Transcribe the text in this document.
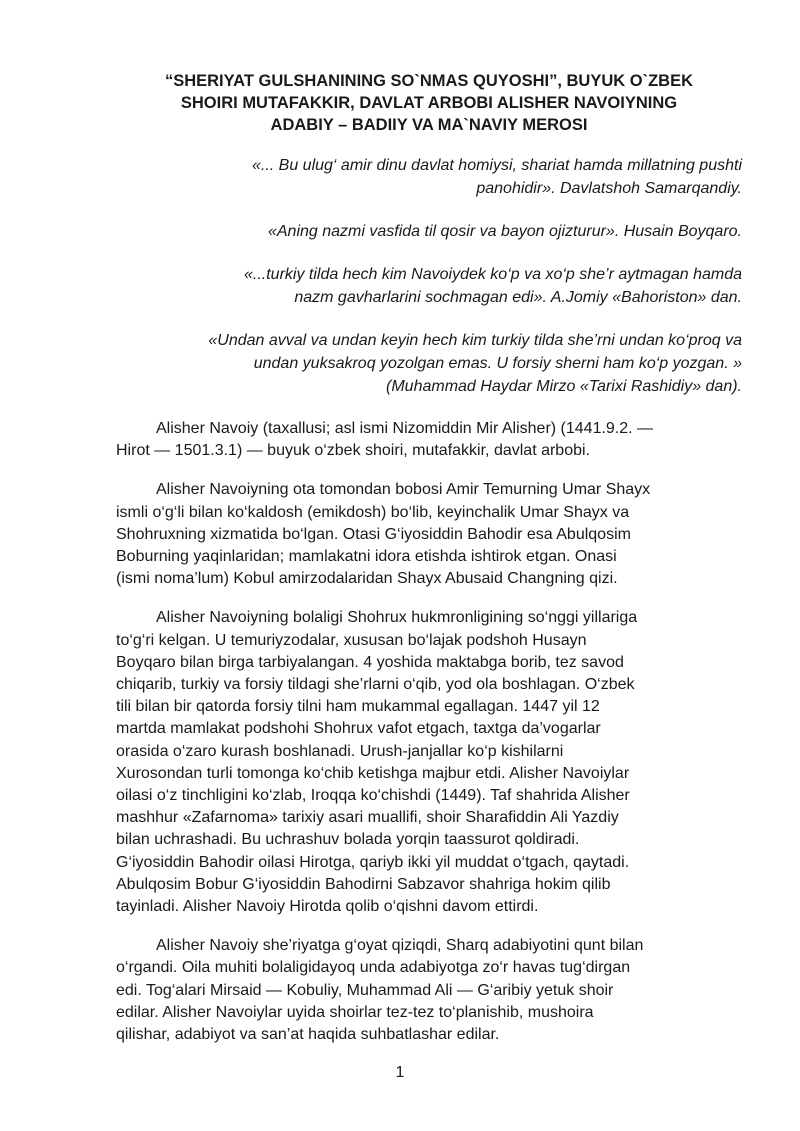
“SHERIYAT GULSHANINING SO`NMAS QUYOSHI”, BUYUK O`ZBEK
SHOIRI MUTAFAKKIR, DAVLAT ARBOBI ALISHER NAVOIYNING
ADABIY – BADIIY VA MA`NAVIY MEROSI
«... Bu ulug‘ amir dinu davlat homiysi, shariat hamda millatning pushti
panohidir». Davlatshoh Samarqandiy.
«Aning nazmi vasfida til qosir va bayon ojizturur». Husain Boyqaro.
«...turkiy tilda hech kim Navoiydek ko‘p va xo‘p she’r aytmagan hamda
nazm gavharlarini sochmagan edi». A.Jomiy «Bahoriston» dan.
«Undan avval va undan keyin hech kim turkiy tilda she’rni undan ko‘proq va
undan yuksakroq yozolgan emas. U forsiy sherni ham ko‘p yozgan. »
(Muhammad Haydar Mirzo «Tarixi Rashidiy» dan).
Alisher Navoiy (taxallusi; asl ismi Nizomiddin Mir Alisher) (1441.9.2. —
Hirot — 1501.3.1) — buyuk o‘zbek shoiri, mutafakkir, davlat arbobi.
Alisher Navoiyning ota tomondan bobosi Amir Temurning Umar Shayx
ismli o‘g‘li bilan ko‘kaldosh (emikdosh) bo‘lib, keyinchalik Umar Shayx va
Shohruxning xizmatida bo‘lgan. Otasi G‘iyosiddin Bahodir esa Abulqosim
Boburning yaqinlaridan; mamlakatni idora etishda ishtirok etgan. Onasi
(ismi noma’lum) Kobul amirzodalaridan Shayx Abusaid Changning qizi.
Alisher Navoiyning bolaligi Shohrux hukmronligining so‘nggi yillariga
to‘g‘ri kelgan. U temuriyzodalar, xususan bo‘lajak podshoh Husayn
Boyqaro bilan birga tarbiyalangan. 4 yoshida maktabga borib, tez savod
chiqarib, turkiy va forsiy tildagi she’rlarni o‘qib, yod ola boshlagan. O‘zbek
tili bilan bir qatorda forsiy tilni ham mukammal egallagan. 1447 yil 12
martda mamlakat podshohi Shohrux vafot etgach, taxtga da’vogarlar
orasida o‘zaro kurash boshlanadi. Urush-janjallar ko‘p kishilarni
Xurosondan turli tomonga ko‘chib ketishga majbur etdi. Alisher Navoiylar
oilasi o‘z tinchligini ko‘zlab, Iroqqa ko‘chishdi (1449). Taf shahrida Alisher
mashhur «Zafarnoma» tarixiy asari muallifi, shoir Sharafiddin Ali Yazdiy
bilan uchrashadi. Bu uchrashuv bolada yorqin taassurot qoldiradi.
G‘iyosiddin Bahodir oilasi Hirotga, qariyb ikki yil muddat o‘tgach, qaytadi.
Abulqosim Bobur G‘iyosiddin Bahodirni Sabzavor shahriga hokim qilib
tayinladi. Alisher Navoiy Hirotda qolib o‘qishni davom ettirdi.
Alisher Navoiy she’riyatga g‘oyat qiziqdi, Sharq adabiyotini qunt bilan
o‘rgandi. Oila muhiti bolaligidayoq unda adabiyotga zo‘r havas tug‘dirgan
edi. Tog‘alari Mirsaid — Kobuliy, Muhammad Ali — G‘aribiy yetuk shoir
edilar. Alisher Navoiylar uyida shoirlar tez-tez to‘planishib, mushoira
qilishar, adabiyot va san’at haqida suhbatlashar edilar.
1
